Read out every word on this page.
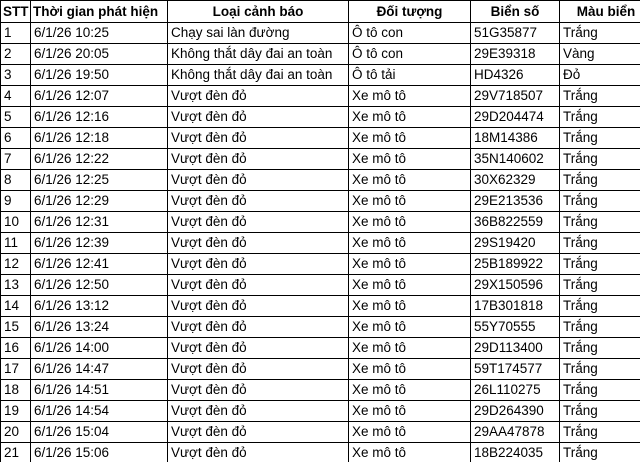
STT	Thời gian phát hiện	Loại cảnh báo	Đối tượng	Biển số	Màu biển
1	6/1/26 10:25	Chạy sai làn đường	Ô tô con	51G35877	Trắng
2	6/1/26 20:05	Không thắt dây đai an toàn	Ô tô con	29E39318	Vàng
3	6/1/26 19:50	Không thắt dây đai an toàn	Ô tô tải	HD4326	Đỏ
4	6/1/26 12:07	Vượt đèn đỏ	Xe mô tô	29V718507	Trắng
5	6/1/26 12:16	Vượt đèn đỏ	Xe mô tô	29D204474	Trắng
6	6/1/26 12:18	Vượt đèn đỏ	Xe mô tô	18M14386	Trắng
7	6/1/26 12:22	Vượt đèn đỏ	Xe mô tô	35N140602	Trắng
8	6/1/26 12:25	Vượt đèn đỏ	Xe mô tô	30X62329	Trắng
9	6/1/26 12:29	Vượt đèn đỏ	Xe mô tô	29E213536	Trắng
10	6/1/26 12:31	Vượt đèn đỏ	Xe mô tô	36B822559	Trắng
11	6/1/26 12:39	Vượt đèn đỏ	Xe mô tô	29S19420	Trắng
12	6/1/26 12:41	Vượt đèn đỏ	Xe mô tô	25B189922	Trắng
13	6/1/26 12:50	Vượt đèn đỏ	Xe mô tô	29X150596	Trắng
14	6/1/26 13:12	Vượt đèn đỏ	Xe mô tô	17B301818	Trắng
15	6/1/26 13:24	Vượt đèn đỏ	Xe mô tô	55Y70555	Trắng
16	6/1/26 14:00	Vượt đèn đỏ	Xe mô tô	29D113400	Trắng
17	6/1/26 14:47	Vượt đèn đỏ	Xe mô tô	59T174577	Trắng
18	6/1/26 14:51	Vượt đèn đỏ	Xe mô tô	26L110275	Trắng
19	6/1/26 14:54	Vượt đèn đỏ	Xe mô tô	29D264390	Trắng
20	6/1/26 15:04	Vượt đèn đỏ	Xe mô tô	29AA47878	Trắng
21	6/1/26 15:06	Vượt đèn đỏ	Xe mô tô	18B224035	Trắng
